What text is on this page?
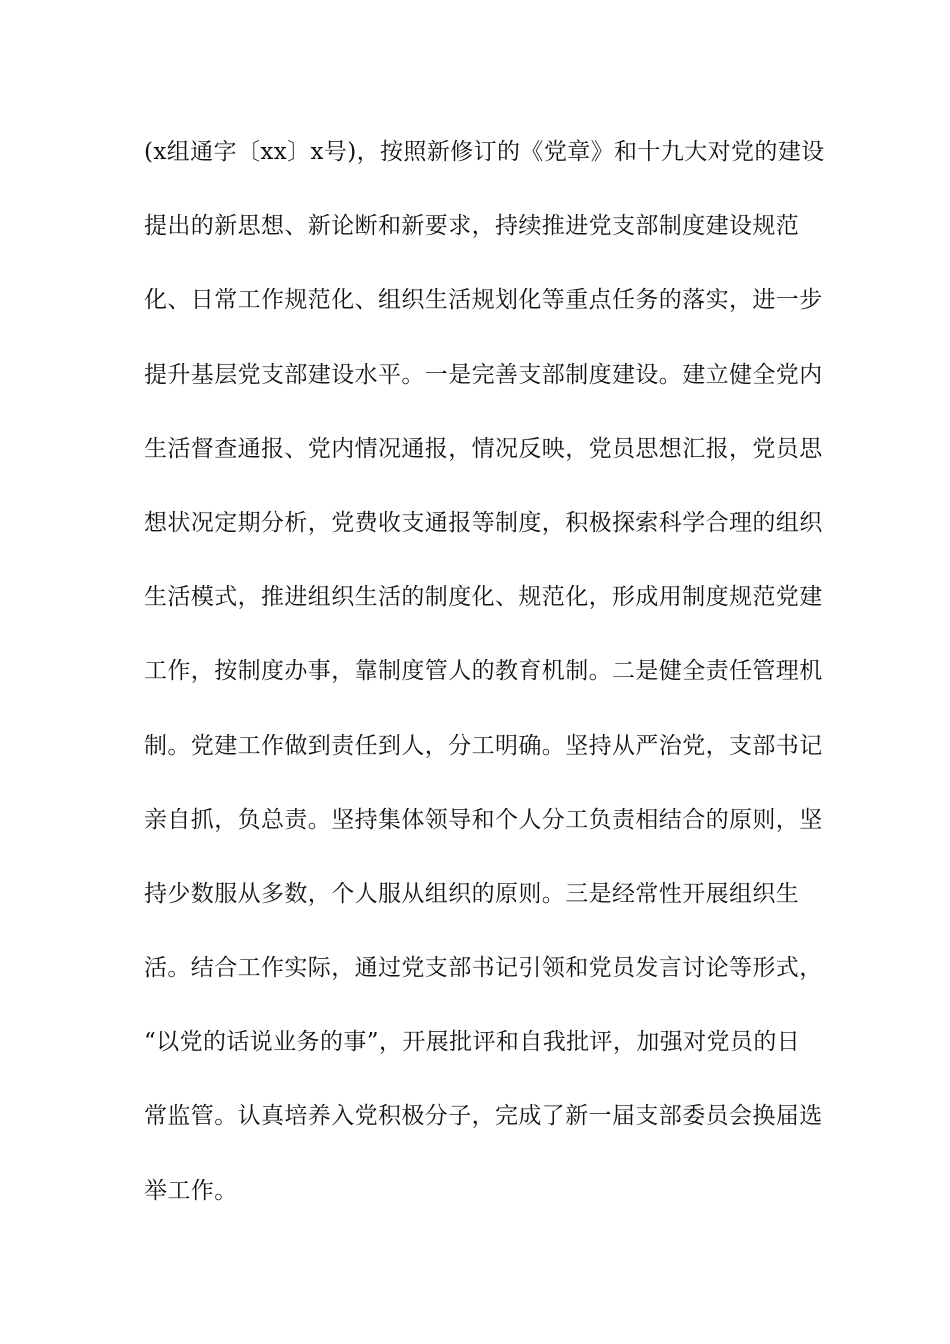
(x组通字〔xx〕x号)，按照新修订的《党章》和十九大对党的建设
提出的新思想、新论断和新要求，持续推进党支部制度建设规范
化、日常工作规范化、组织生活规划化等重点任务的落实，进一步
提升基层党支部建设水平。一是完善支部制度建设。建立健全党内
生活督查通报、党内情况通报，情况反映，党员思想汇报，党员思
想状况定期分析，党费收支通报等制度，积极探索科学合理的组织
生活模式，推进组织生活的制度化、规范化，形成用制度规范党建
工作，按制度办事，靠制度管人的教育机制。二是健全责任管理机
制。党建工作做到责任到人，分工明确。坚持从严治党，支部书记
亲自抓，负总责。坚持集体领导和个人分工负责相结合的原则，坚
持少数服从多数，个人服从组织的原则。三是经常性开展组织生
活。结合工作实际，通过党支部书记引领和党员发言讨论等形式，
“以党的话说业务的事”，开展批评和自我批评，加强对党员的日
常监管。认真培养入党积极分子，完成了新一届支部委员会换届选
举工作。
